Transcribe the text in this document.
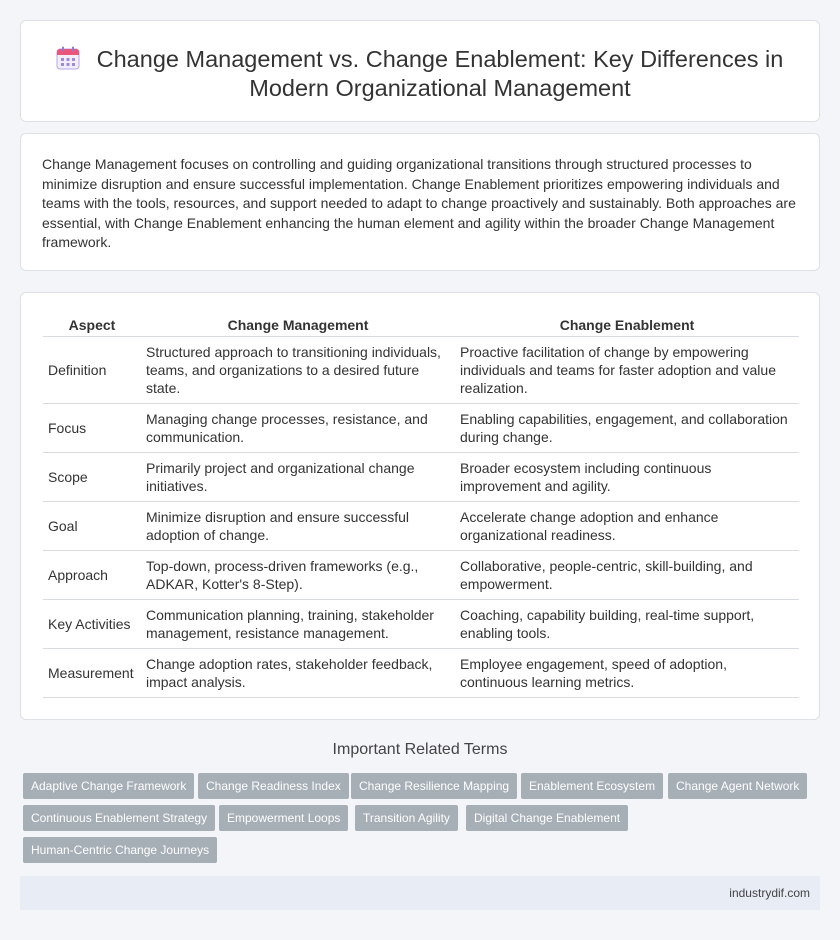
Change Management vs. Change Enablement: Key Differences in Modern Organizational Management

Change Management focuses on controlling and guiding organizational transitions through structured processes to minimize disruption and ensure successful implementation. Change Enablement prioritizes empowering individuals and teams with the tools, resources, and support needed to adapt to change proactively and sustainably. Both approaches are essential, with Change Enablement enhancing the human element and agility within the broader Change Management framework.

Aspect	Change Management	Change Enablement
Definition	Structured approach to transitioning individuals, teams, and organizations to a desired future state.	Proactive facilitation of change by empowering individuals and teams for faster adoption and value realization.
Focus	Managing change processes, resistance, and communication.	Enabling capabilities, engagement, and collaboration during change.
Scope	Primarily project and organizational change initiatives.	Broader ecosystem including continuous improvement and agility.
Goal	Minimize disruption and ensure successful adoption of change.	Accelerate change adoption and enhance organizational readiness.
Approach	Top-down, process-driven frameworks (e.g., ADKAR, Kotter's 8-Step).	Collaborative, people-centric, skill-building, and empowerment.
Key Activities	Communication planning, training, stakeholder management, resistance management.	Coaching, capability building, real-time support, enabling tools.
Measurement	Change adoption rates, stakeholder feedback, impact analysis.	Employee engagement, speed of adoption, continuous learning metrics.
Important Related Terms
Adaptive Change Framework	Change Readiness Index	Change Resilience Mapping	Enablement Ecosystem	Change Agent Network
Continuous Enablement Strategy	Empowerment Loops	Transition Agility	Digital Change Enablement
Human-Centric Change Journeys
industrydif.com
